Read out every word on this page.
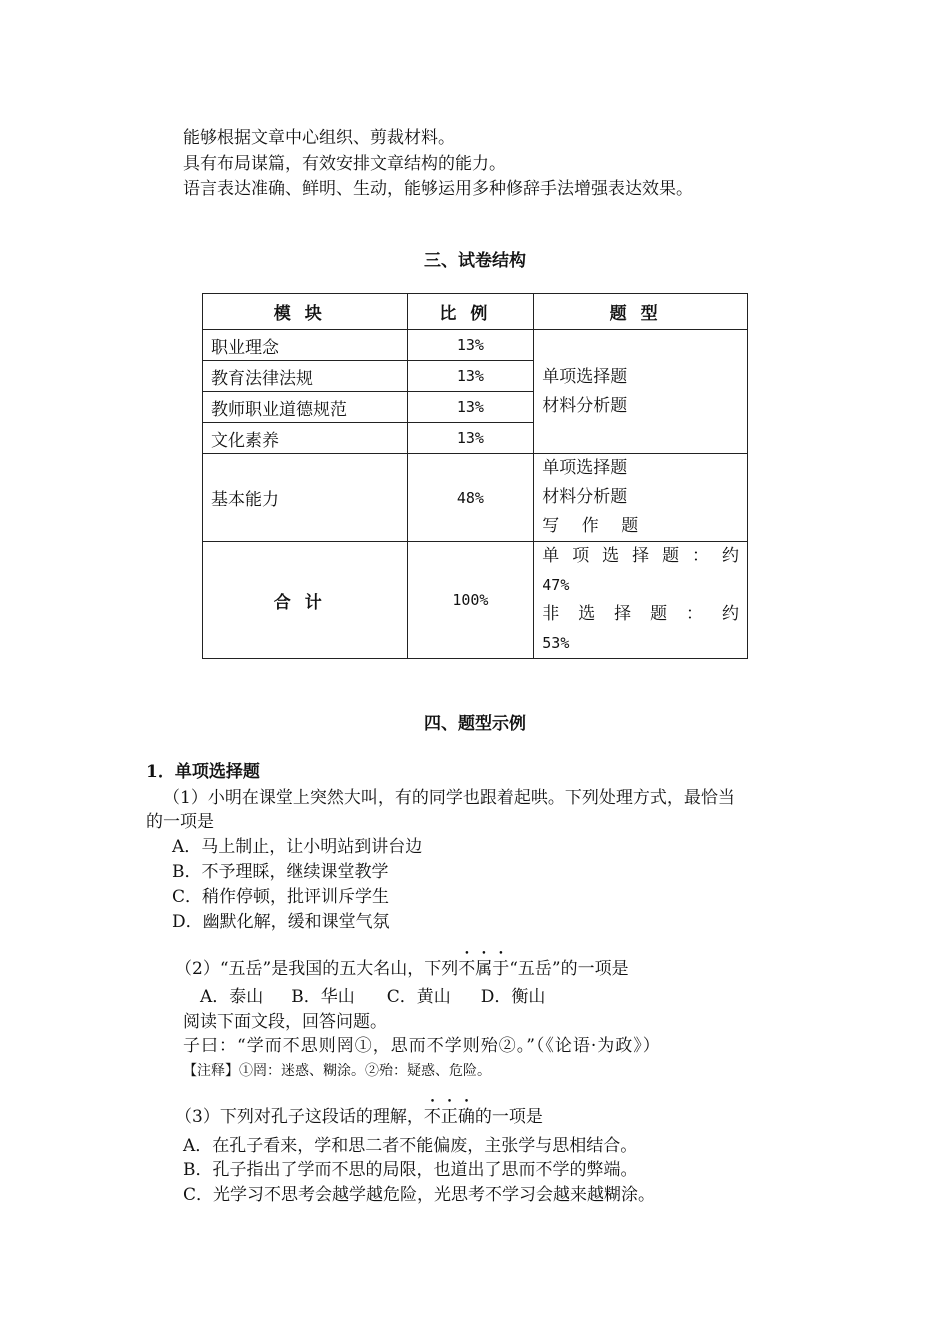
能够根据文章中心组织、剪裁材料。
具有布局谋篇，有效安排文章结构的能力。
语言表达准确、鲜明、生动，能够运用多种修辞手法增强表达效果。
三、试卷结构
模块	比例	题型
职业理念	13%	单项选择题
材料分析题

教育法律法规	13%	
教师职业道德规范	13%	
文化素养	13%	
基本能力	48%	单项选择题
材料分析题
写作题

合计	100%	单项选择题：约
47%
非选择题：约
53%
四、题型示例
1．单项选择题
（1）小明在课堂上突然大叫，有的同学也跟着起哄。下列处理方式，最恰当
的一项是
A．马上制止，让小明站到讲台边
B．不予理睬，继续课堂教学
C．稍作停顿，批评训斥学生
D．幽默化解，缓和课堂气氛
（2）“五岳”是我国的五大名山，下列不属于“五岳”的一项是
A．泰山 B．华山 C．黄山 D．衡山
阅读下面文段，回答问题。
子曰：“学而不思则罔①，思而不学则殆②。”（《论语·为政》）
【注释】①罔：迷惑、糊涂。②殆：疑惑、危险。
（3）下列对孔子这段话的理解，不正确的一项是
A．在孔子看来，学和思二者不能偏废，主张学与思相结合。
B．孔子指出了学而不思的局限，也道出了思而不学的弊端。
C．光学习不思考会越学越危险，光思考不学习会越来越糊涂。
